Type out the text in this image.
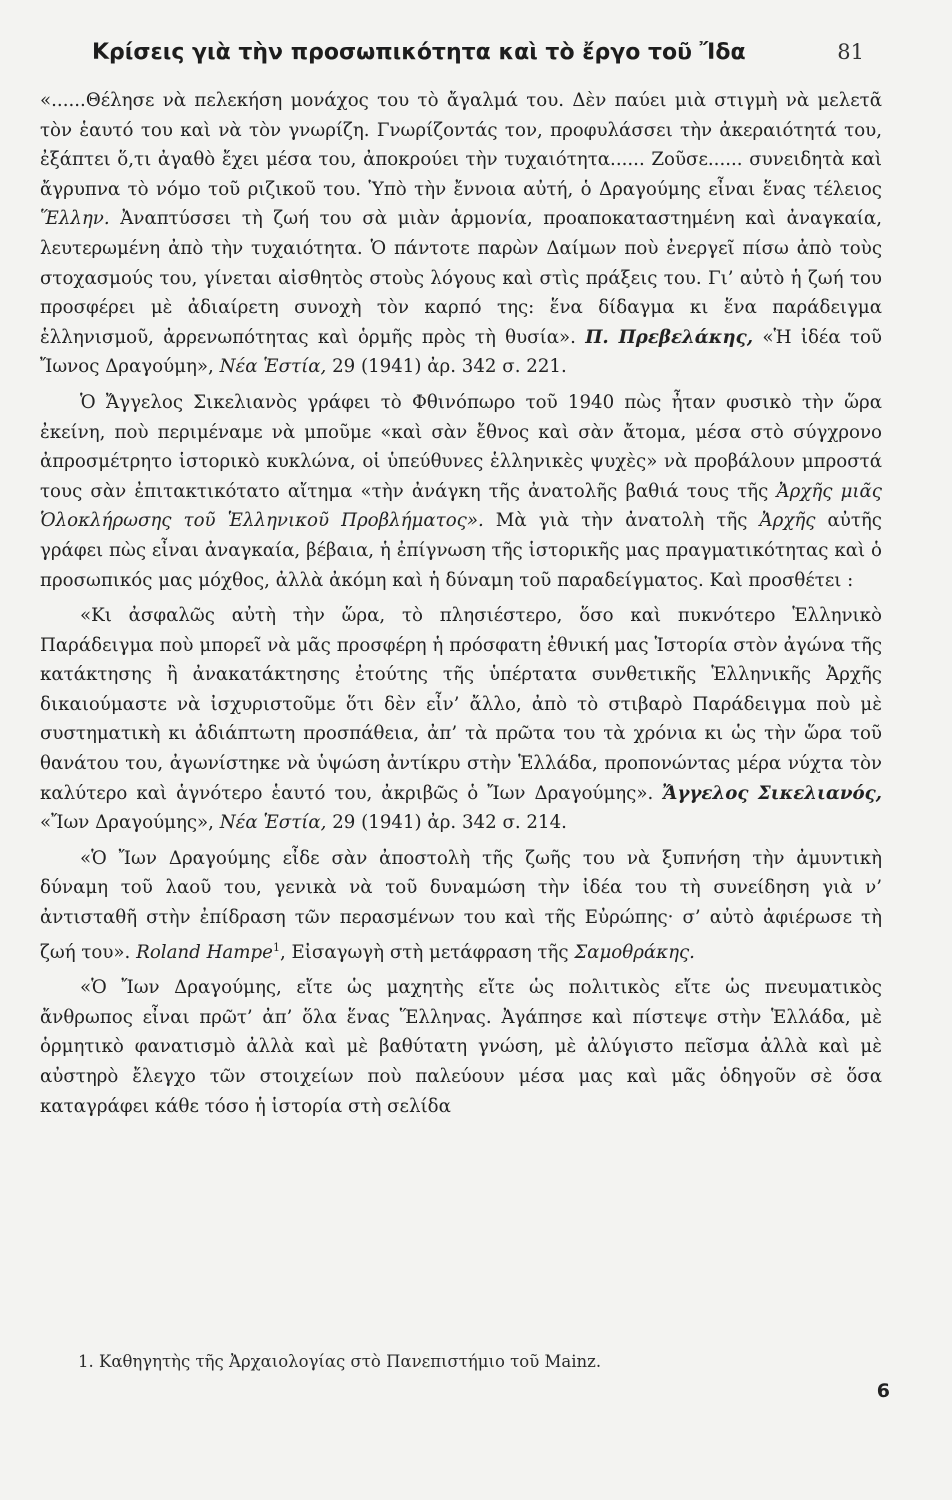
Κρίσεις γιὰ τὴν προσωπικότητα καὶ τὸ ἔργο τοῦ Ἴδα	81

«......Θέλησε νὰ πελεκήση μονάχος του τὸ ἄγαλμά του. Δὲν παύει μιὰ στιγμὴ νὰ μελετᾶ τὸν ἑαυτό του καὶ νὰ τὸν γνωρίζη. Γνωρίζοντάς τον, προφυλάσσει τὴν ἀκεραιότητά του, ἐξάπτει ὅ,τι ἀγαθὸ ἔχει μέσα του, ἀποκρούει τὴν τυχαιότητα...... Ζοῦσε...... συνειδητὰ καὶ ἄγρυπνα τὸ νόμο τοῦ ριζικοῦ του. Ὑπὸ τὴν ἔννοια αὐτή, ὁ Δραγούμης εἶναι ἕνας τέλειος Ἕλλην. Ἀναπτύσσει τὴ ζωή του σὰ μιὰν ἁρμονία, προαποκαταστημένη καὶ ἀναγκαία, λευτερωμένη ἀπὸ τὴν τυχαιότητα. Ὁ πάντοτε παρὼν Δαίμων ποὺ ἐνεργεῖ πίσω ἀπὸ τοὺς στοχασμούς του, γίνεται αἰσθητὸς στοὺς λόγους καὶ στὶς πράξεις του. Γι’ αὐτὸ ἡ ζωή του προσφέρει μὲ ἀδιαίρετη συνοχὴ τὸν καρπό της: ἕνα δίδαγμα κι ἕνα παράδειγμα ἑλληνισμοῦ, ἀρρενωπότητας καὶ ὁρμῆς πρὸς τὴ θυσία». Π. Πρεβελάκης, «Ἡ ἰδέα τοῦ Ἴωνος Δραγούμη», Νέα Ἑστία, 29 (1941) ἀρ. 342 σ. 221.

Ὁ Ἄγγελος Σικελιανὸς γράφει τὸ Φθινόπωρο τοῦ 1940 πὼς ἦταν φυσικὸ τὴν ὥρα ἐκείνη, ποὺ περιμέναμε νὰ μποῦμε «καὶ σὰν ἔθνος καὶ σὰν ἄτομα, μέσα στὸ σύγχρονο ἀπροσμέτρητο ἱστορικὸ κυκλώνα, οἱ ὑπεύθυνες ἑλληνικὲς ψυχὲς» νὰ προβάλουν μπροστά τους σὰν ἐπιτακτικότατο αἴτημα «τὴν ἀνάγκη τῆς ἀνατολῆς βαθιά τους τῆς Ἀρχῆς μιᾶς Ὁλοκλήρωσης τοῦ Ἑλληνικοῦ Προβλήματος». Μὰ γιὰ τὴν ἀνατολὴ τῆς Ἀρχῆς αὐτῆς γράφει πὼς εἶναι ἀναγκαία, βέβαια, ἡ ἐπίγνωση τῆς ἱστορικῆς μας πραγματικότητας καὶ ὁ προσωπικός μας μόχθος, ἀλλὰ ἀκόμη καὶ ἡ δύναμη τοῦ παραδείγματος. Καὶ προσθέτει :

«Κι ἀσφαλῶς αὐτὴ τὴν ὥρα, τὸ πλησιέστερο, ὅσο καὶ πυκνότερο Ἑλληνικὸ Παράδειγμα ποὺ μπορεῖ νὰ μᾶς προσφέρη ἡ πρόσφατη ἐθνική μας Ἱστορία στὸν ἀγώνα τῆς κατάκτησης ἢ ἀνακατάκτησης ἐτούτης τῆς ὑπέρτατα συνθετικῆς Ἑλληνικῆς Ἀρχῆς δικαιούμαστε νὰ ἰσχυριστοῦμε ὅτι δὲν εἶν’ ἄλλο, ἀπὸ τὸ στιβαρὸ Παράδειγμα ποὺ μὲ συστηματικὴ κι ἀδιάπτωτη προσπάθεια, ἀπ’ τὰ πρῶτα του τὰ χρόνια κι ὡς τὴν ὥρα τοῦ θανάτου του, ἀγωνίστηκε νὰ ὑψώση ἀντίκρυ στὴν Ἑλλάδα, προπονώντας μέρα νύχτα τὸν καλύτερο καὶ ἁγνότερο ἑαυτό του, ἀκριβῶς ὁ Ἴων Δραγούμης». Ἄγγελος Σικελιανός, «Ἴων Δραγούμης», Νέα Ἑστία, 29 (1941) ἀρ. 342 σ. 214.

«Ὁ Ἴων Δραγούμης εἶδε σὰν ἀποστολὴ τῆς ζωῆς του νὰ ξυπνήση τὴν ἀμυντικὴ δύναμη τοῦ λαοῦ του, γενικὰ νὰ τοῦ δυναμώση τὴν ἰδέα του τὴ συνείδηση γιὰ ν’ ἀντισταθῆ στὴν ἐπίδραση τῶν περασμένων του καὶ τῆς Εὐρώπης· σ’ αὐτὸ ἀφιέρωσε τὴ ζωή του». Roland Hampe$^1$, Εἰσαγωγὴ στὴ μετάφραση τῆς Σαμοθράκης.

«Ὁ Ἴων Δραγούμης, εἴτε ὡς μαχητὴς εἴτε ὡς πολιτικὸς εἴτε ὡς πνευματικὸς ἄνθρωπος εἶναι πρῶτ’ ἀπ’ ὅλα ἕνας Ἕλληνας. Ἀγάπησε καὶ πίστεψε στὴν Ἑλλάδα, μὲ ὁρμητικὸ φανατισμὸ ἀλλὰ καὶ μὲ βαθύτατη γνώση, μὲ ἀλύγιστο πεῖσμα ἀλλὰ καὶ μὲ αὐστηρὸ ἔλεγχο τῶν στοιχείων ποὺ παλεύουν μέσα μας καὶ μᾶς ὁδηγοῦν σὲ ὅσα καταγράφει κάθε τόσο ἡ ἱστορία στὴ σελίδα

1. Καθηγητὴς τῆς Ἀρχαιολογίας στὸ Πανεπιστήμιο τοῦ Mainz.
6
